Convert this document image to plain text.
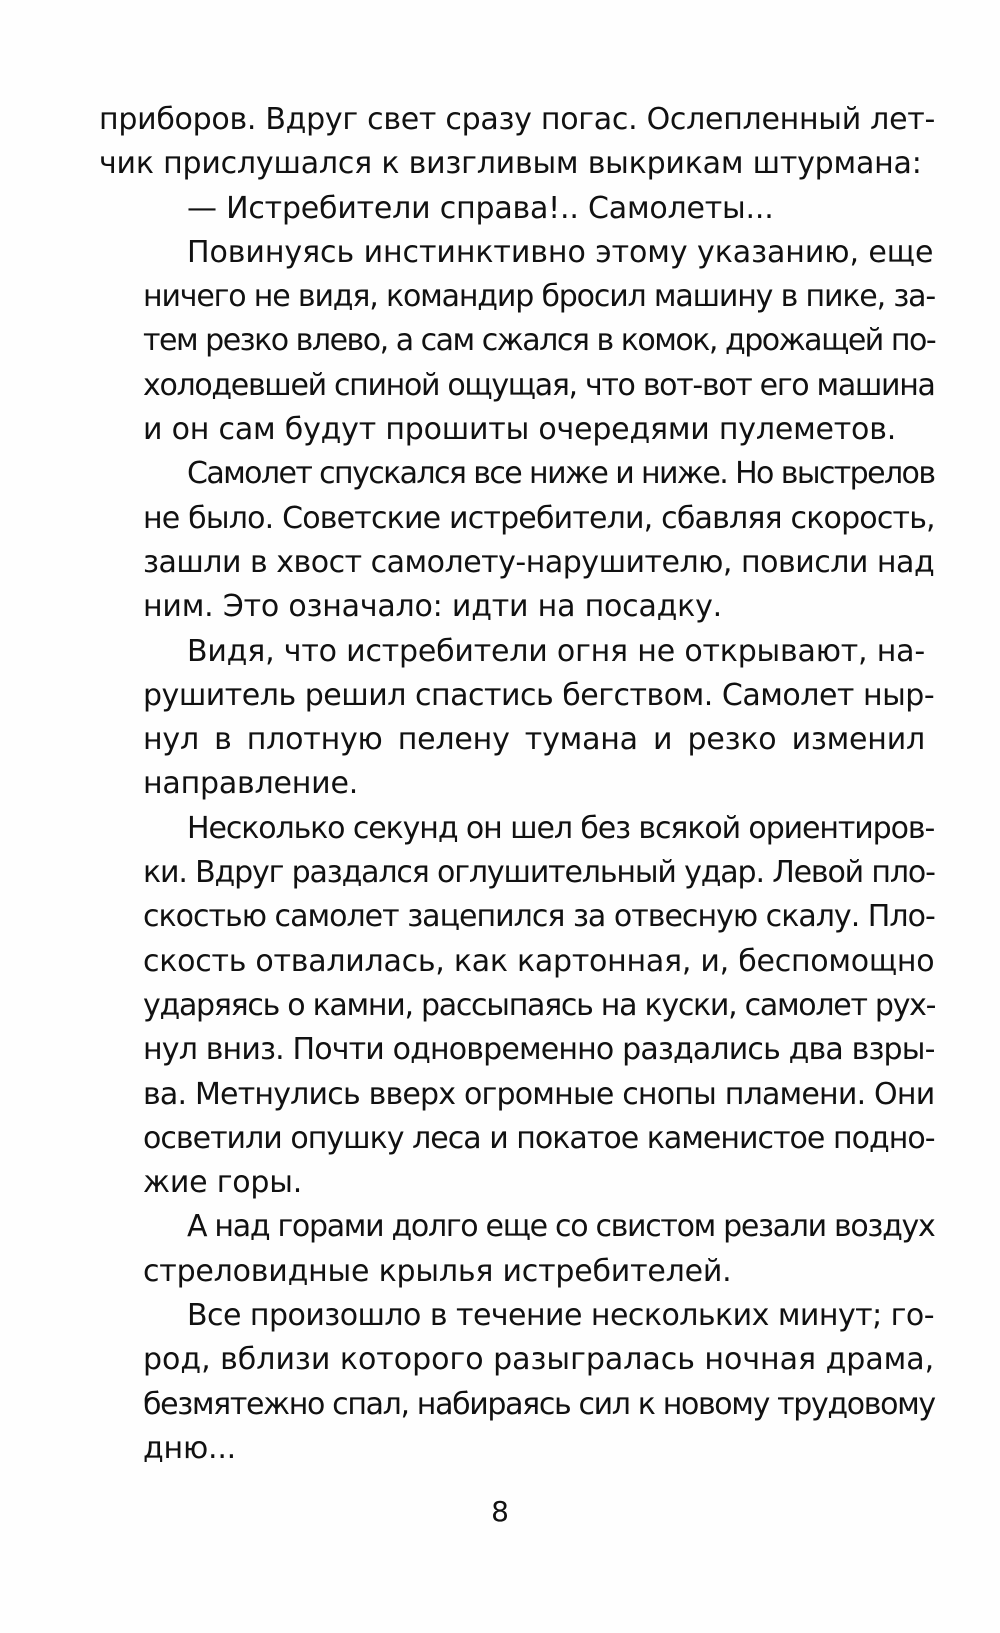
приборов. Вдруг свет сразу погас. Ослепленный лет-
чик прислушался к визгливым выкрикам штурмана:
— Истребители справа!.. Самолеты...
Повинуясь инстинктивно этому указанию, еще
ничего не видя, командир бросил машину в пике, за-
тем резко влево, а сам сжался в комок, дрожащей по-
холодевшей спиной ощущая, что вот-вот его машина
и он сам будут прошиты очередями пулеметов.
Самолет спускался все ниже и ниже. Но выстрелов
не было. Советские истребители, сбавляя скорость,
зашли в хвост самолету-нарушителю, повисли над
ним. Это означало: идти на посадку.
Видя, что истребители огня не открывают, на-
рушитель решил спастись бегством. Самолет ныр-
нул в плотную пелену тумана и резко изменил
направление.
Несколько секунд он шел без всякой ориентиров-
ки. Вдруг раздался оглушительный удар. Левой пло-
скостью самолет зацепился за отвесную скалу. Пло-
скость отвалилась, как картонная, и, беспомощно
ударяясь о камни, рассыпаясь на куски, самолет рух-
нул вниз. Почти одновременно раздались два взры-
ва. Метнулись вверх огромные снопы пламени. Они
осветили опушку леса и покатое каменистое подно-
жие горы.
А над горами долго еще со свистом резали воздух
стреловидные крылья истребителей.
Все произошло в течение нескольких минут; го-
род, вблизи которого разыгралась ночная драма,
безмятежно спал, набираясь сил к новому трудовому
дню...
8
